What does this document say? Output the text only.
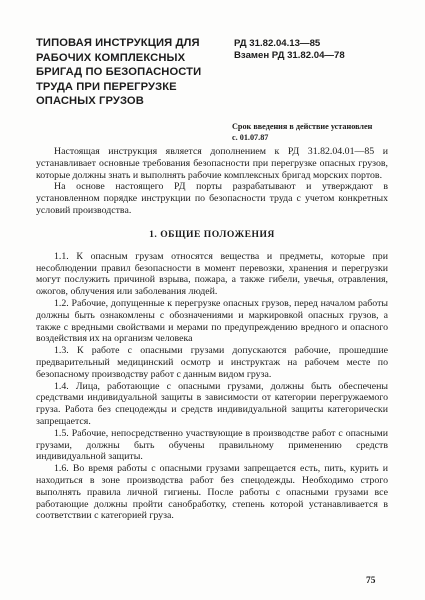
ТИПОВАЯ ИНСТРУКЦИЯ ДЛЯ
РАБОЧИХ КОМПЛЕКСНЫХ
БРИГАД ПО БЕЗОПАСНОСТИ
ТРУДА ПРИ ПЕРЕГРУЗКЕ
ОПАСНЫХ ГРУЗОВ
РД 31.82.04.13—85
Взамен РД 31.82.04—78
Срок введения в действие установлен
с. 01.07.87

Настоящая инструкция является дополнением к РД 31.82.04.01—85 и устанавливает основные требования безопасности при перегрузке опасных грузов, которые должны знать и выполнять рабочие комплексных бригад морских портов.

На основе настоящего РД порты разрабатывают и утверждают в установленном порядке инструкции по безопасности труда с учетом конкретных условий производства.

1. ОБЩИЕ ПОЛОЖЕНИЯ

1.1. К опасным грузам относятся вещества и предметы, которые при несоблюдении правил безопасности в момент перевозки, хранения и перегрузки могут послужить причиной взрыва, пожара, а также гибели, увечья, отравления, ожогов, облучения или заболевания людей.

1.2. Рабочие, допущенные к перегрузке опасных грузов, перед началом работы должны быть ознакомлены с обозначениями и маркировкой опасных грузов, а также с вредными свойствами и мерами по предупреждению вредного и опасного воздействия их на организм человека

1.3. К работе с опасными грузами допускаются рабочие, прошедшие предварительный медицинский осмотр и инструктаж на рабочем месте по безопасному производству работ с данным видом груза.

1.4. Лица, работающие с опасными грузами, должны быть обеспечены средствами индивидуальной защиты в зависимости от категории перегружаемого груза. Работа без спецодежды и средств индивидуальной защиты категорически запрещается.

1.5. Рабочие, непосредственно участвующие в производстве работ с опасными грузами, должны быть обучены правильному применению средств индивидуальной защиты.

1.6. Во время работы с опасными грузами запрещается есть, пить, курить и находиться в зоне производства работ без спецодежды. Необходимо строго выполнять правила личной гигиены. После работы с опасными грузами все работающие должны пройти санобработку, степень которой устанавливается в соответствии с категорией груза.

75
